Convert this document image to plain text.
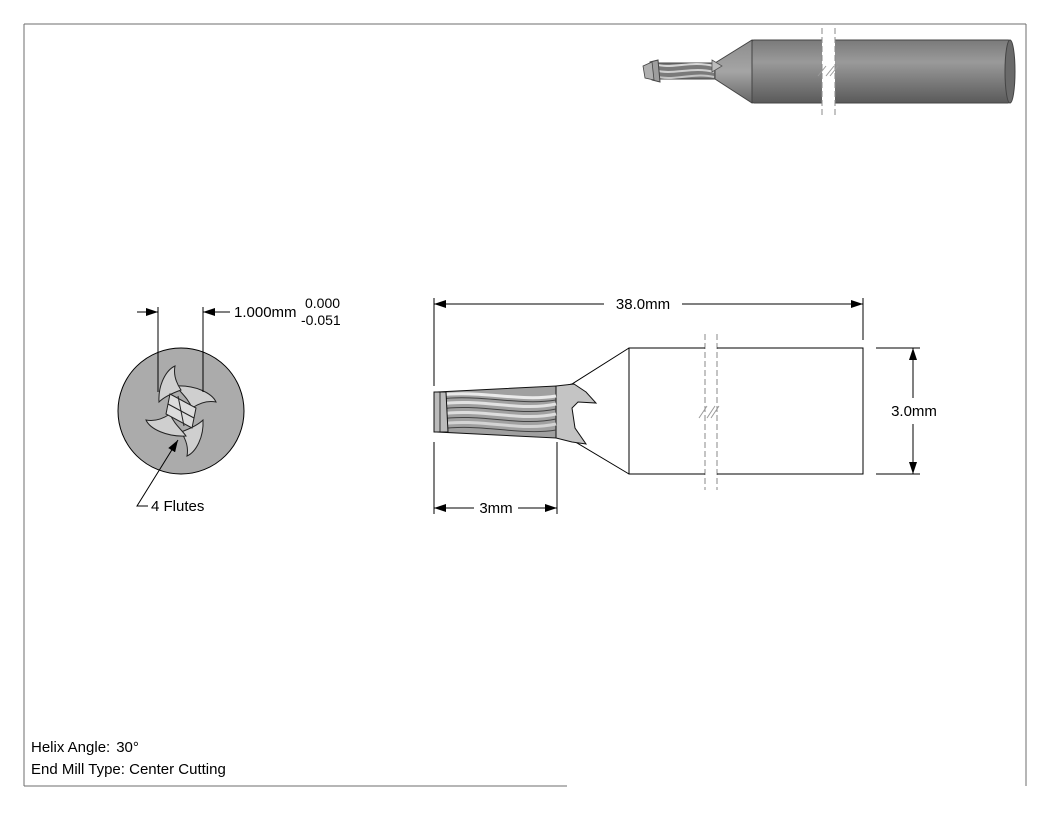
1.000mm
0.000
-0.051
4 Flutes
38.0mm
3.0mm
3mm
Helix Angle: 30°
End Mill Type: Center Cutting
